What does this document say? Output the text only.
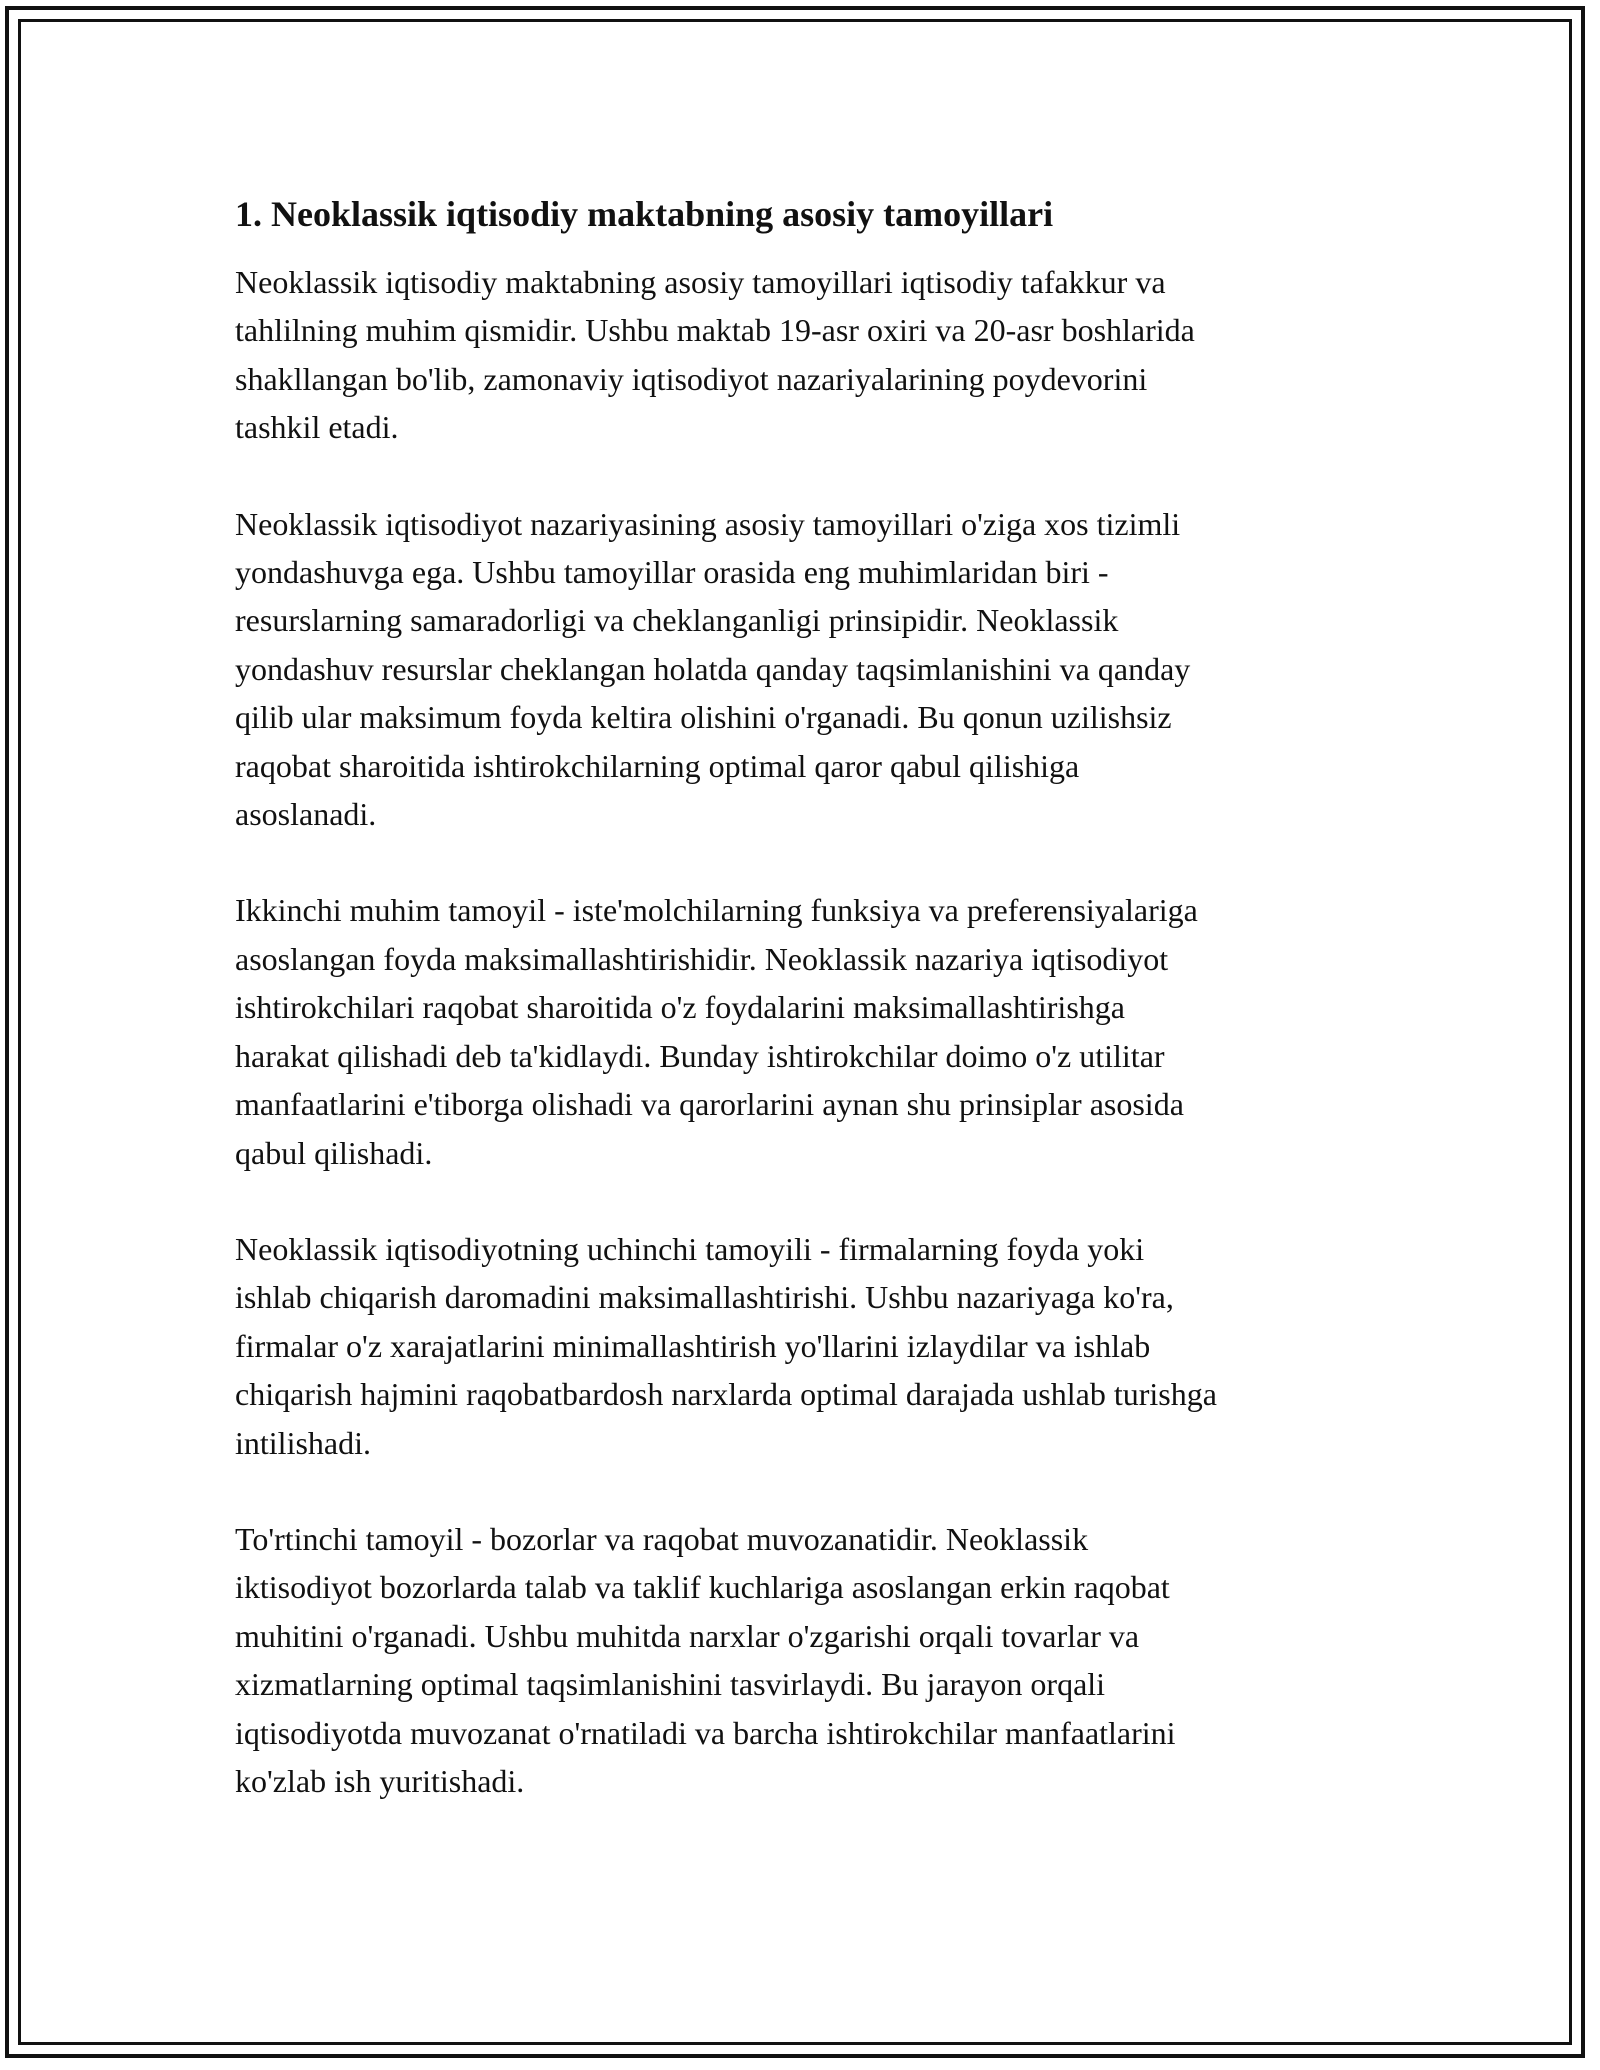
1. Neoklassik iqtisodiy maktabning asosiy tamoyillari

Neoklassik iqtisodiy maktabning asosiy tamoyillari iqtisodiy tafakkur va
tahlilning muhim qismidir. Ushbu maktab 19-asr oxiri va 20-asr boshlarida
shakllangan bo'lib, zamonaviy iqtisodiyot nazariyalarining poydevorini
tashkil etadi.

Neoklassik iqtisodiyot nazariyasining asosiy tamoyillari o'ziga xos tizimli
yondashuvga ega. Ushbu tamoyillar orasida eng muhimlaridan biri -
resurslarning samaradorligi va cheklanganligi prinsipidir. Neoklassik
yondashuv resurslar cheklangan holatda qanday taqsimlanishini va qanday
qilib ular maksimum foyda keltira olishini o'rganadi. Bu qonun uzilishsiz
raqobat sharoitida ishtirokchilarning optimal qaror qabul qilishiga
asoslanadi.

Ikkinchi muhim tamoyil - iste'molchilarning funksiya va preferensiyalariga
asoslangan foyda maksimallashtirishidir. Neoklassik nazariya iqtisodiyot
ishtirokchilari raqobat sharoitida o'z foydalarini maksimallashtirishga
harakat qilishadi deb ta'kidlaydi. Bunday ishtirokchilar doimo o'z utilitar
manfaatlarini e'tiborga olishadi va qarorlarini aynan shu prinsiplar asosida
qabul qilishadi.

Neoklassik iqtisodiyotning uchinchi tamoyili - firmalarning foyda yoki
ishlab chiqarish daromadini maksimallashtirishi. Ushbu nazariyaga ko'ra,
firmalar o'z xarajatlarini minimallashtirish yo'llarini izlaydilar va ishlab
chiqarish hajmini raqobatbardosh narxlarda optimal darajada ushlab turishga
intilishadi.

To'rtinchi tamoyil - bozorlar va raqobat muvozanatidir. Neoklassik
iktisodiyot bozorlarda talab va taklif kuchlariga asoslangan erkin raqobat
muhitini o'rganadi. Ushbu muhitda narxlar o'zgarishi orqali tovarlar va
xizmatlarning optimal taqsimlanishini tasvirlaydi. Bu jarayon orqali
iqtisodiyotda muvozanat o'rnatiladi va barcha ishtirokchilar manfaatlarini
ko'zlab ish yuritishadi.
